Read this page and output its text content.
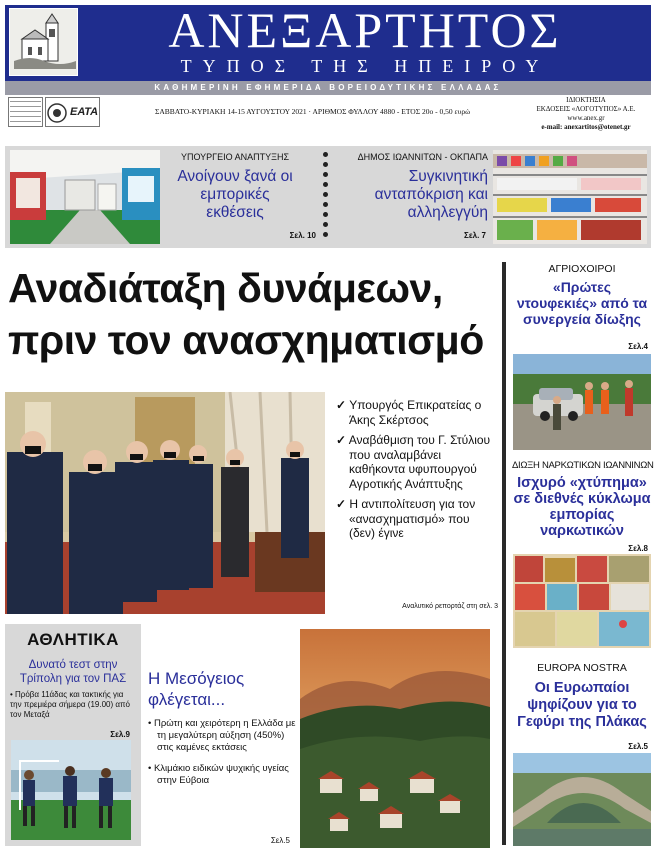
ΑΝΕΞΑΡΤΗΤΟΣ
ΤΥΠΟΣ ΤΗΣ ΗΠΕΙΡΟΥ
ΚΑΘΗΜΕΡΙΝΗ ΕΦΗΜΕΡΙΔΑ ΒΟΡΕΙΟΔΥΤΙΚΗΣ ΕΛΛΑΔΑΣ
ΕΑΤΑ	ΣΑΒΒΑΤΟ-ΚΥΡΙΑΚΗ 14-15 ΑΥΓΟΥΣΤΟΥ 2021 · ΑΡΙΘΜΟΣ ΦΥΛΛΟΥ 4880 - ΕΤΟΣ 20ο - 0,50 ευρώ
ΙΔΙΟΚΤΗΣΙΑ
ΕΚΔΟΣΕΙΣ «ΛΟΓΟΤΥΠΟΣ» Α.Ε.
www.anex.gr
e-mail: anexartitos@otenet.gr
ΥΠΟΥΡΓΕΙΟ ΑΝΑΠΤΥΞΗΣ
Ανοίγουν ξανά οι εμπορικές εκθέσεις
Σελ. 10
ΔΗΜΟΣ ΙΩΑΝΝΙΤΩΝ - ΟΚΠΑΠΑ
Συγκινητική ανταπόκριση και αλληλεγγύη
Σελ. 7
Αναδιάταξη δυνάμεων,
πριν τον ανασχηματισμό
✓ Υπουργός Επικρατείας ο Άκης Σκέρτσος
✓ Αναβάθμιση του Γ. Στύλιου που αναλαμβάνει καθήκοντα υφυπουργού Αγροτικής Ανάπτυξης
✓ Η αντιπολίτευση για τον «ανασχηματισμό» που (δεν) έγινε
Αναλυτικό ρεπορτάζ στη σελ. 3
ΑΓΡΙΟΧΟΙΡΟΙ
«Πρώτες ντουφεκιές» από τα συνεργεία δίωξης
Σελ.4
ΔΙΩΞΗ ΝΑΡΚΩΤΙΚΩΝ ΙΩΑΝΝΙΝΩΝ
Ισχυρό «χτύπημα» σε διεθνές κύκλωμα εμπορίας ναρκωτικών
Σελ.8
EUROPA NOSTRA
Οι Ευρωπαίοι ψηφίζουν για το Γεφύρι της Πλάκας
Σελ.5
ΑΘΛΗΤΙΚΑ
Δυνατό τεστ στην Τρίπολη για τον ΠΑΣ
• Πρόβα 11άδας και τακτικής για την πρεμιέρα σήμερα (19.00) από τον Μεταξά
Σελ.9
Η Μεσόγειος φλέγεται...
• Πρώτη και χειρότερη η Ελλάδα με τη μεγαλύτερη αύξηση (450%) στις καμένες εκτάσεις
• Κλιμάκιο ειδικών ψυχικής υγείας στην Εύβοια
Σελ.5
